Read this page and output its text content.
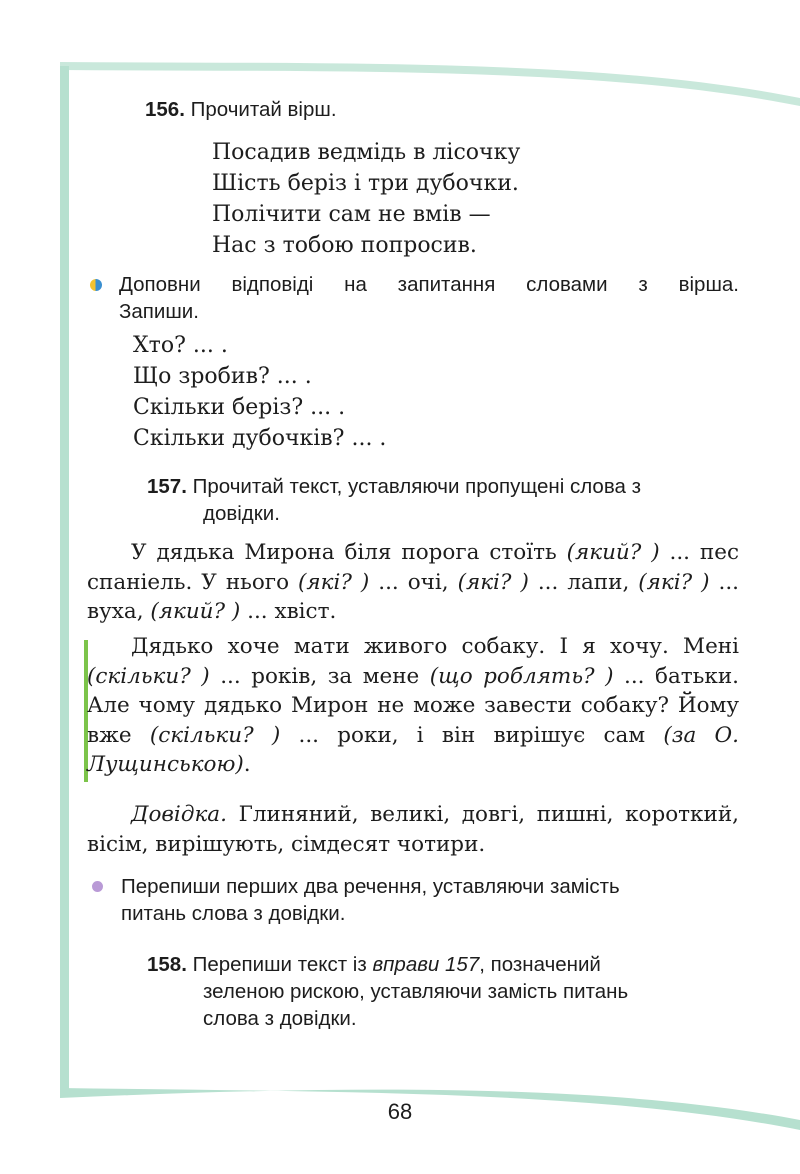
156. Прочитай вірш.
Посадив ведмідь в лісочку
Шість беріз і три дубочки.
Полічити сам не вмів —
Нас з тобою попросив.
Доповни відповіді на запитання словами з вірша.
Запиши.
Хто? ... .
Що зробив? ... .
Скільки беріз? ... .
Скільки дубочків? ... .
157. Прочитай текст, уставляючи пропущені слова з
довідки.

У дядька Мирона біля порога стоїть (який? ) ... пес спаніель. У нього (які? ) ... очі, (які? ) ... лапи, (які? ) ... вуха, (який? ) ... хвіст.

Дядько хоче мати живого собаку. І я хочу. Мені (скільки? ) ... років, за мене (що роблять? ) ... батьки. Але чому дядько Мирон не може завести собаку? Йому вже (скільки? ) ... роки, і він вирішує сам (за О. Лущинською).

Довідка. Глиняний, великі, довгі, пишні, короткий, вісім, вирішують, сімдесят чотири.

Перепиши перших два речення, уставляючи замість
питань слова з довідки.
158. Перепиши текст із вправи 157, позначений
зеленою рискою, уставляючи замість питань
слова з довідки.
68
